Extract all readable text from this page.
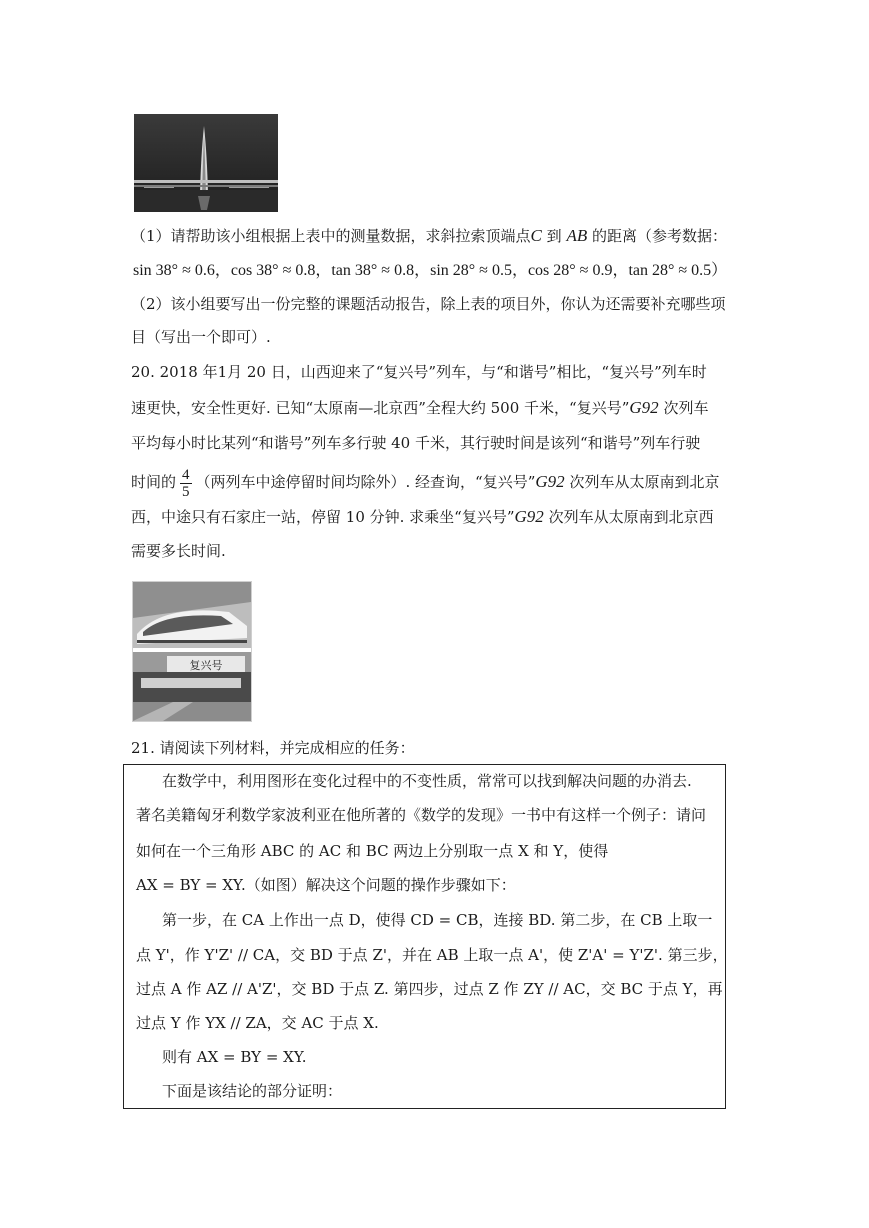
（1）请帮助该小组根据上表中的测量数据，求斜拉索顶端点C 到 AB 的距离（参考数据：
sin 38° ≈ 0.6，cos 38° ≈ 0.8，tan 38° ≈ 0.8，sin 28° ≈ 0.5，cos 28° ≈ 0.9，tan 28° ≈ 0.5）
（2）该小组要写出一份完整的课题活动报告，除上表的项目外，你认为还需要补充哪些项
目（写出一个即可）.
20. 2018 年1月 20 日，山西迎来了“复兴号”列车，与“和谐号”相比，“复兴号”列车时
速更快，安全性更好. 已知“太原南—北京西”全程大约 500 千米，“复兴号”G92 次列车
平均每小时比某列“和谐号”列车多行驶 40 千米，其行驶时间是该列“和谐号”列车行驶
时间的 $\frac{4}{5}$ （两列车中途停留时间均除外）. 经查询，“复兴号”G92 次列车从太原南到北京
西，中途只有石家庄一站，停留 10 分钟. 求乘坐“复兴号”G92 次列车从太原南到北京西
需要多长时间.
复兴号
21. 请阅读下列材料，并完成相应的任务：
在数学中，利用图形在变化过程中的不变性质，常常可以找到解决问题的办消去.
著名美籍匈牙利数学家波利亚在他所著的《数学的发现》一书中有这样一个例子：请问
如何在一个三角形 ABC 的 AC 和 BC 两边上分别取一点 X 和 Y，使得
AX = BY = XY.（如图）解决这个问题的操作步骤如下：
第一步，在 CA 上作出一点 D，使得 CD = CB，连接 BD. 第二步，在 CB 上取一
点 Y'，作 Y'Z' // CA，交 BD 于点 Z'，并在 AB 上取一点 A'，使 Z'A' = Y'Z'. 第三步，
过点 A 作 AZ // A'Z'，交 BD 于点 Z. 第四步，过点 Z 作 ZY // AC，交 BC 于点 Y，再
过点 Y 作 YX // ZA，交 AC 于点 X.
则有 AX = BY = XY.
下面是该结论的部分证明：
